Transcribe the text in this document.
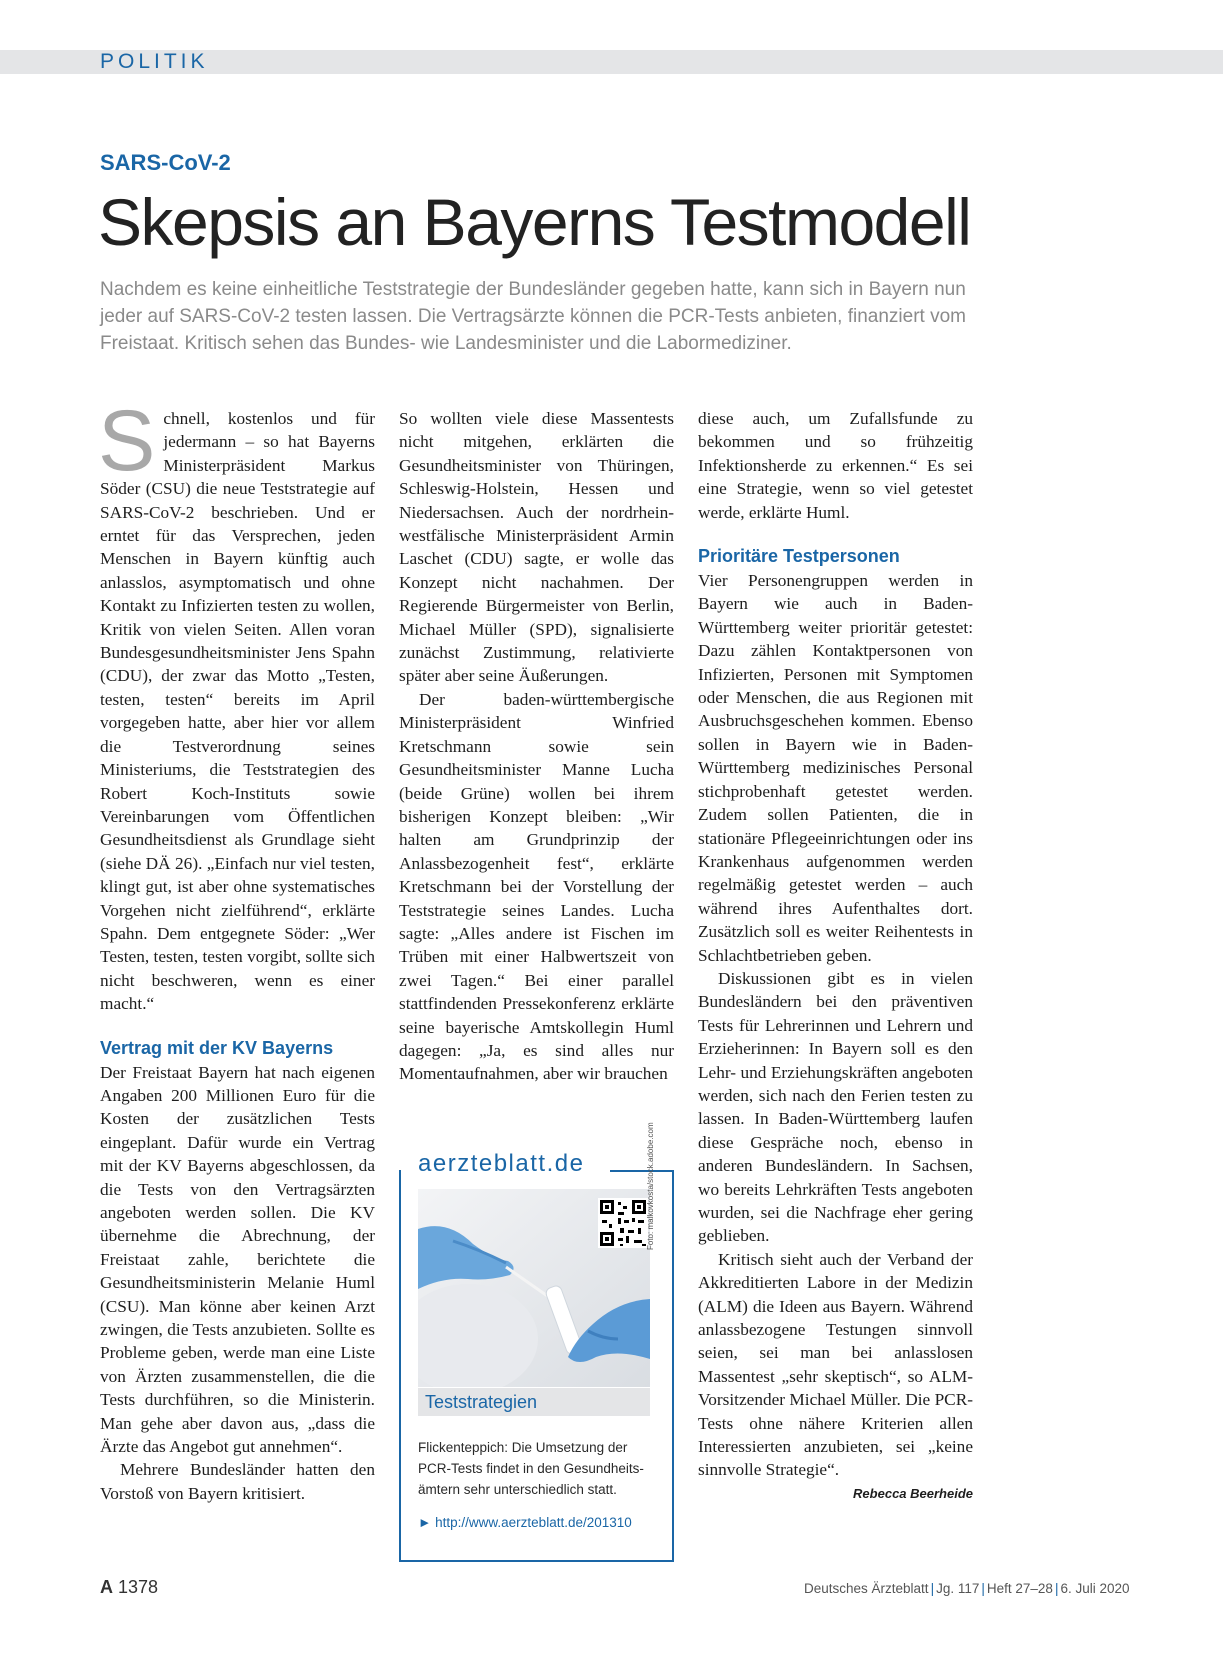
POLITIK
SARS-CoV-2
Skepsis an Bayerns Testmodell
Nachdem es keine einheitliche Teststrategie der Bundesländer gegeben hatte, kann sich in Bayern nun jeder auf SARS-CoV-2 testen lassen. Die Vertragsärzte können die PCR-Tests anbieten, finanziert vom Freistaat. Kritisch sehen das Bundes- wie Landesminister und die Labormediziner.

Schnell, kostenlos und für jedermann – so hat Bayerns Ministerpräsident Markus Söder (CSU) die neue Teststrategie auf SARS-CoV-2 beschrieben. Und er erntet für das Versprechen, jeden Menschen in Bayern künftig auch anlasslos, asymptomatisch und ohne Kontakt zu Infizierten testen zu wollen, Kritik von vielen Seiten. Allen voran Bundesgesundheitsminister Jens Spahn (CDU), der zwar das Motto „Testen, testen, testen“ bereits im April vorgegeben hatte, aber hier vor allem die Testverordnung seines Ministeriums, die Teststrategien des Robert Koch-Instituts sowie Vereinbarungen vom Öffentlichen Gesundheitsdienst als Grundlage sieht (siehe DÄ 26). „Einfach nur viel testen, klingt gut, ist aber ohne systematisches Vorgehen nicht zielführend“, erklärte Spahn. Dem entgegnete Söder: „Wer Testen, testen, testen vorgibt, sollte sich nicht beschweren, wenn es einer macht.“

Vertrag mit der KV Bayerns

Der Freistaat Bayern hat nach eigenen Angaben 200 Millionen Euro für die Kosten der zusätzlichen Tests eingeplant. Dafür wurde ein Vertrag mit der KV Bayerns abgeschlossen, da die Tests von den Vertragsärzten angeboten werden sollen. Die KV übernehme die Abrechnung, der Freistaat zahle, berichtete die Gesundheitsministerin Melanie Huml (CSU). Man könne aber keinen Arzt zwingen, die Tests anzubieten. Sollte es Probleme geben, werde man eine Liste von Ärzten zusammenstellen, die die Tests durchführen, so die Ministerin. Man gehe aber davon aus, „dass die Ärzte das Angebot gut annehmen“.

Mehrere Bundesländer hatten den Vorstoß von Bayern kritisiert.

So wollten viele diese Massentests nicht mitgehen, erklärten die Gesundheitsminister von Thüringen, Schleswig-Holstein, Hessen und Niedersachsen. Auch der nordrhein-westfälische Ministerpräsident Armin Laschet (CDU) sagte, er wolle das Konzept nicht nachahmen. Der Regierende Bürgermeister von Berlin, Michael Müller (SPD), signalisierte zunächst Zustimmung, relativierte später aber seine Äußerungen.

Der baden-württembergische Ministerpräsident Winfried Kretschmann sowie sein Gesundheitsminister Manne Lucha (beide Grüne) wollen bei ihrem bisherigen Konzept bleiben: „Wir halten am Grundprinzip der Anlassbezogenheit fest“, erklärte Kretschmann bei der Vorstellung der Teststrategie seines Landes. Lucha sagte: „Alles andere ist Fischen im Trüben mit einer Halbwertszeit von zwei Tagen.“ Bei einer parallel stattfindenden Pressekonferenz erklärte seine bayerische Amtskollegin Huml dagegen: „Ja, es sind alles nur Momentaufnahmen, aber wir brauchen

diese auch, um Zufallsfunde zu bekommen und so frühzeitig Infektionsherde zu erkennen.“ Es sei eine Strategie, wenn so viel getestet werde, erklärte Huml.

Prioritäre Testpersonen

Vier Personengruppen werden in Bayern wie auch in Baden-Württemberg weiter prioritär getestet: Dazu zählen Kontaktpersonen von Infizierten, Personen mit Symptomen oder Menschen, die aus Regionen mit Ausbruchsgeschehen kommen. Ebenso sollen in Bayern wie in Baden-Württemberg medizinisches Personal stichprobenhaft getestet werden. Zudem sollen Patienten, die in stationäre Pflegeeinrichtungen oder ins Krankenhaus aufgenommen werden regelmäßig getestet werden – auch während ihres Aufenthaltes dort. Zusätzlich soll es weiter Reihentests in Schlachtbetrieben geben.

Diskussionen gibt es in vielen Bundesländern bei den präventiven Tests für Lehrerinnen und Lehrern und Erzieherinnen: In Bayern soll es den Lehr- und Erziehungskräften angeboten werden, sich nach den Ferien testen zu lassen. In Baden-Württemberg laufen diese Gespräche noch, ebenso in anderen Bundesländern. In Sachsen, wo bereits Lehrkräften Tests angeboten wurden, sei die Nachfrage eher gering geblieben.

Kritisch sieht auch der Verband der Akkreditierten Labore in der Medizin (ALM) die Ideen aus Bayern. Während anlassbezogene Testungen sinnvoll seien, sei man bei anlasslosen Massentest „sehr skeptisch“, so ALM-Vorsitzender Michael Müller. Die PCR-Tests ohne nähere Kriterien allen Interessierten anzubieten, sei „keine sinnvolle Strategie“.
Rebecca Beerheide

aerzteblatt.de	Foto: malkovkosta/stock.adobe.com
Teststrategien
Flickenteppich: Die Umsetzung der PCR-Tests findet in den Gesundheitsämtern sehr unterschiedlich statt.
► http://www.aerzteblatt.de/201310
A 1378	Deutsches Ärzteblatt | Jg. 117 | Heft 27–28 | 6. Juli 2020
